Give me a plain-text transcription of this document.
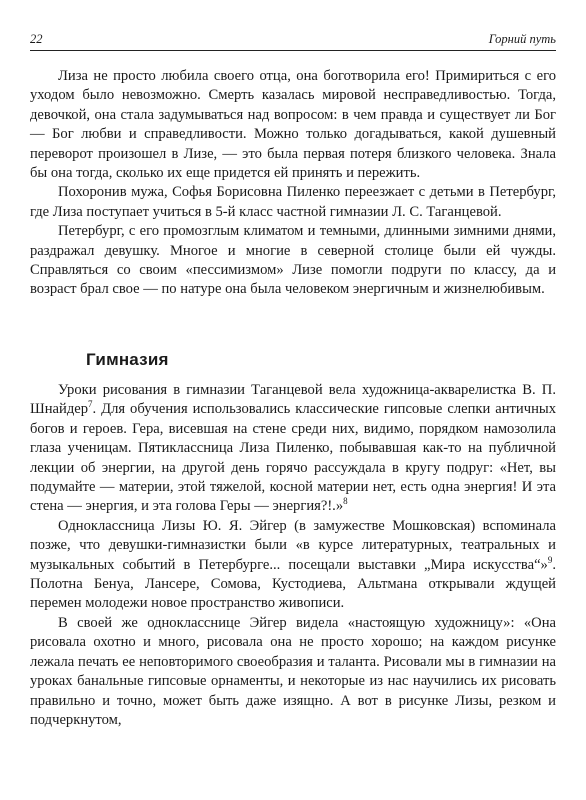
22	Горний путь

Лиза не просто любила своего отца, она боготворила его! Примириться с его уходом было невозможно. Смерть казалась мировой несправедливостью. Тогда, девочкой, она стала задумываться над вопросом: в чем правда и существует ли Бог — Бог любви и справедливости. Можно только догадываться, какой душевный переворот произошел в Лизе, — это была первая потеря близкого человека. Знала бы она тогда, сколько их еще придется ей принять и пережить.

Похоронив мужа, Софья Борисовна Пиленко переезжает с детьми в Петербург, где Лиза поступает учиться в 5-й класс частной гимназии Л. С. Таганцевой.

Петербург, с его промозглым климатом и темными, длинными зимними днями, раздражал девушку. Многое и многие в северной столице были ей чужды. Справляться со своим «пессимизмом» Лизе помогли подруги по классу, да и возраст брал свое — по натуре она была человеком энергичным и жизнелюбивым.

Гимназия

Уроки рисования в гимназии Таганцевой вела художница-акварелистка В. П. Шнайдер$^7$. Для обучения использовались классические гипсовые слепки античных богов и героев. Гера, висевшая на стене среди них, видимо, порядком намозолила глаза ученицам. Пятиклассница Лиза Пиленко, побывавшая как-то на публичной лекции об энергии, на другой день горячо рассуждала в кругу подруг: «Нет, вы подумайте — материи, этой тяжелой, косной материи нет, есть одна энергия! И эта стена — энергия, и эта голова Геры — энергия?!.»$^8$

Одноклассница Лизы Ю. Я. Эйгер (в замужестве Мошковская) вспоминала позже, что девушки-гимназистки были «в курсе литературных, театральных и музыкальных событий в Петербурге... посещали выставки „Мира искусства“»$^9$. Полотна Бенуа, Лансере, Сомова, Кустодиева, Альтмана открывали ждущей перемен молодежи новое пространство живописи.

В своей же однокласснице Эйгер видела «настоящую художницу»: «Она рисовала охотно и много, рисовала она не просто хорошо; на каждом рисунке лежала печать ее неповторимого своеобразия и таланта. Рисовали мы в гимназии на уроках банальные гипсовые орнаменты, и некоторые из нас научились их рисовать правильно и точно, может быть даже изящно. А вот в рисунке Лизы, резком и подчеркнутом,
